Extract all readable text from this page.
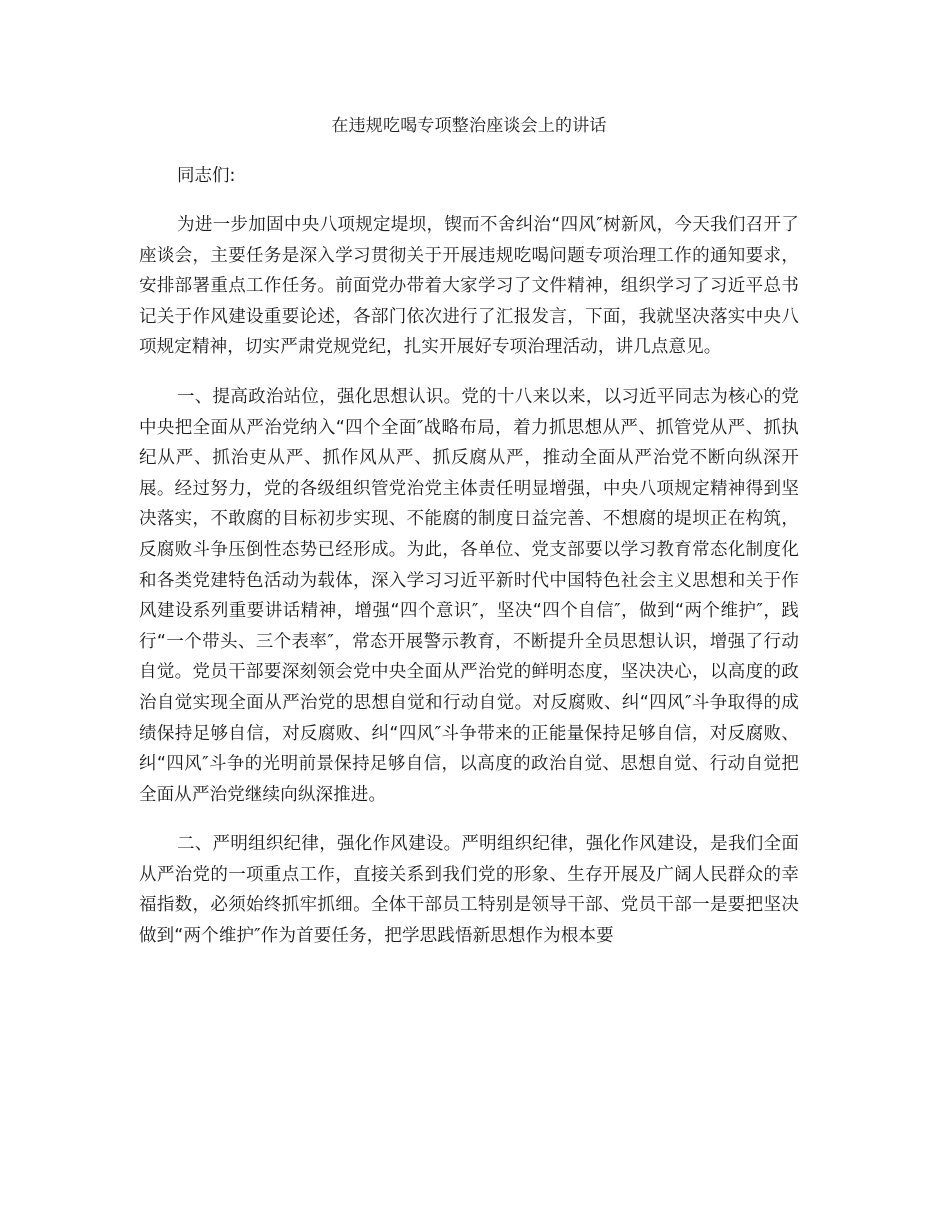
在违规吃喝专项整治座谈会上的讲话

同志们:

为进一步加固中央八项规定堤坝，锲而不舍纠治“四风″树新风，今天我们召开了座谈会，主要任务是深入学习贯彻关于开展违规吃喝问题专项治理工作的通知要求，安排部署重点工作任务。前面党办带着大家学习了文件精神，组织学习了习近平总书记关于作风建设重要论述，各部门依次进行了汇报发言，下面，我就坚决落实中央八项规定精神，切实严肃党规党纪，扎实开展好专项治理活动，讲几点意见。

一、提高政治站位，强化思想认识。党的十八来以来，以习近平同志为核心的党中央把全面从严治党纳入“四个全面″战略布局，着力抓思想从严、抓管党从严、抓执纪从严、抓治吏从严、抓作风从严、抓反腐从严，推动全面从严治党不断向纵深开展。经过努力，党的各级组织管党治党主体责任明显增强，中央八项规定精神得到坚决落实，不敢腐的目标初步实现、不能腐的制度日益完善、不想腐的堤坝正在构筑，反腐败斗争压倒性态势已经形成。为此，各单位、党支部要以学习教育常态化制度化和各类党建特色活动为载体，深入学习习近平新时代中国特色社会主义思想和关于作风建设系列重要讲话精神，增强“四个意识″，坚决“四个自信″，做到“两个维护″，践行“一个带头、三个表率″，常态开展警示教育，不断提升全员思想认识，增强了行动自觉。党员干部要深刻领会党中央全面从严治党的鲜明态度，坚决决心，以高度的政治自觉实现全面从严治党的思想自觉和行动自觉。对反腐败、纠“四风″斗争取得的成绩保持足够自信，对反腐败、纠“四风″斗争带来的正能量保持足够自信，对反腐败、纠“四风″斗争的光明前景保持足够自信，以高度的政治自觉、思想自觉、行动自觉把全面从严治党继续向纵深推进。

二、严明组织纪律，强化作风建设。严明组织纪律，强化作风建设，是我们全面从严治党的一项重点工作，直接关系到我们党的形象、生存开展及广阔人民群众的幸福指数，必须始终抓牢抓细。全体干部员工特别是领导干部、党员干部一是要把坚决做到“两个维护″作为首要任务，把学思践悟新思想作为根本要
